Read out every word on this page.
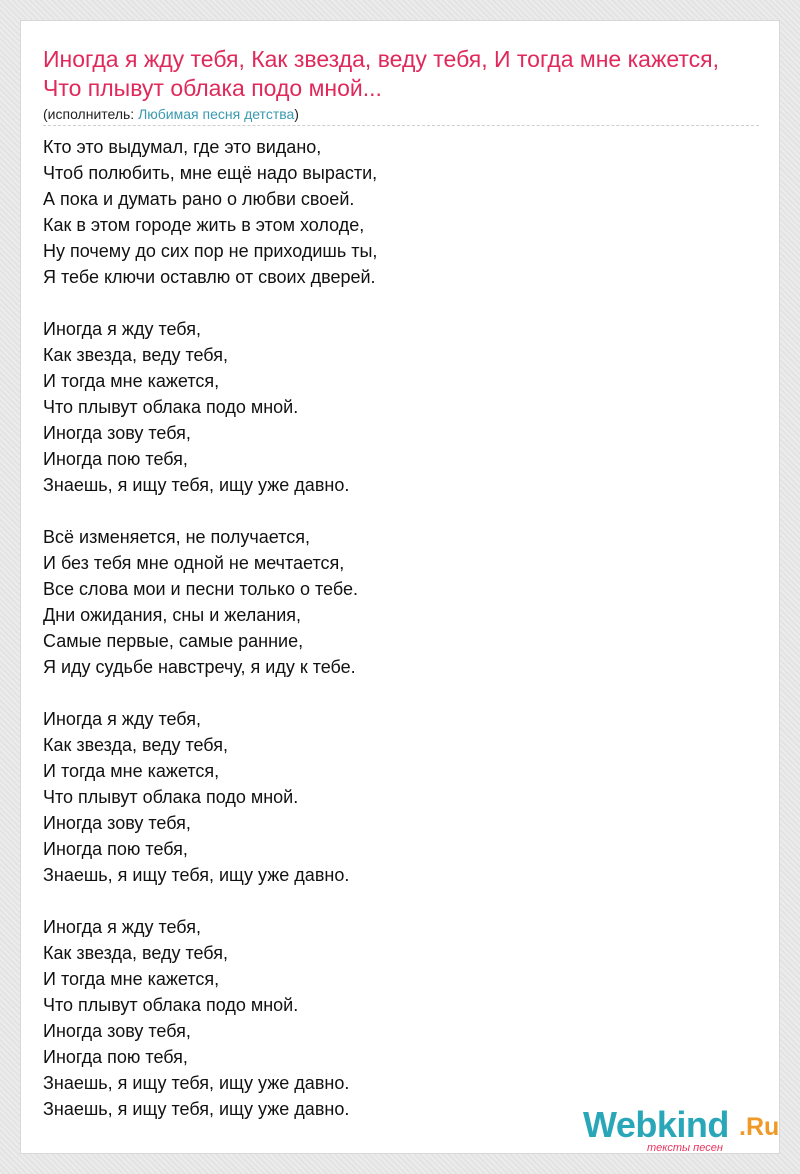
Иногда я жду тебя, Как звезда, веду тебя, И тогда мне кажется, Что плывут облака подо мной...
(исполнитель: Любимая песня детства)
Кто это выдумал, где это видано,
Чтоб полюбить, мне ещё надо вырасти,
А пока и думать рано о любви своей.
Как в этом городе жить в этом холоде,
Ну почему до сих пор не приходишь ты,
Я тебе ключи оставлю от своих дверей.
Иногда я жду тебя,
Как звезда, веду тебя,
И тогда мне кажется,
Что плывут облака подо мной.
Иногда зову тебя,
Иногда пою тебя,
Знаешь, я ищу тебя, ищу уже давно.
Всё изменяется, не получается,
И без тебя мне одной не мечтается,
Все слова мои и песни только о тебе.
Дни ожидания, сны и желания,
Самые первые, самые ранние,
Я иду судьбе навстречу, я иду к тебе.
Иногда я жду тебя,
Как звезда, веду тебя,
И тогда мне кажется,
Что плывут облака подо мной.
Иногда зову тебя,
Иногда пою тебя,
Знаешь, я ищу тебя, ищу уже давно.
Иногда я жду тебя,
Как звезда, веду тебя,
И тогда мне кажется,
Что плывут облака подо мной.
Иногда зову тебя,
Иногда пою тебя,
Знаешь, я ищу тебя, ищу уже давно.
Знаешь, я ищу тебя, ищу уже давно.	Webkind .Ru
тексты песен
